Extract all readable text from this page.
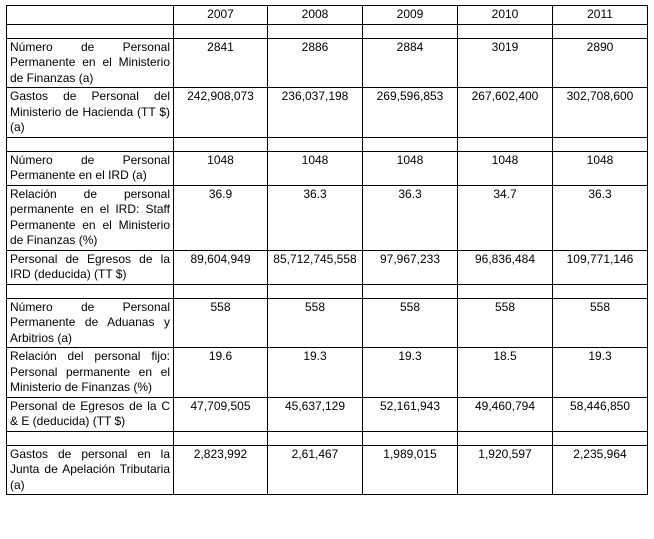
	2007	2008	2009	2010	2011

Número de Personal Permanente en el Ministerio de Finanzas (a)	2841	2886	2884	3019	2890
Gastos de Personal del Ministerio de Hacienda (TT $) (a)	242,908,073	236,037,198	269,596,853	267,602,400	302,708,600

Número de Personal Permanente en el IRD (a)	1048	1048	1048	1048	1048
Relación de personal permanente en el IRD: Staff Permanente en el Ministerio de Finanzas (%)	36.9	36.3	36.3	34.7	36.3
Personal de Egresos de la IRD (deducida) (TT $)	89,604,949	85,712,745,558	97,967,233	96,836,484	109,771,146

Número de Personal Permanente de Aduanas y Arbitrios (a)	558	558	558	558	558
Relación del personal fijo: Personal permanente en el Ministerio de Finanzas (%)	19.6	19.3	19.3	18.5	19.3
Personal de Egresos de la C & E (deducida) (TT $)	47,709,505	45,637,129	52,161,943	49,460,794	58,446,850

Gastos de personal en la Junta de Apelación Tributaria (a)	2,823,992	2,61,467	1,989,015	1,920,597	2,235,964
